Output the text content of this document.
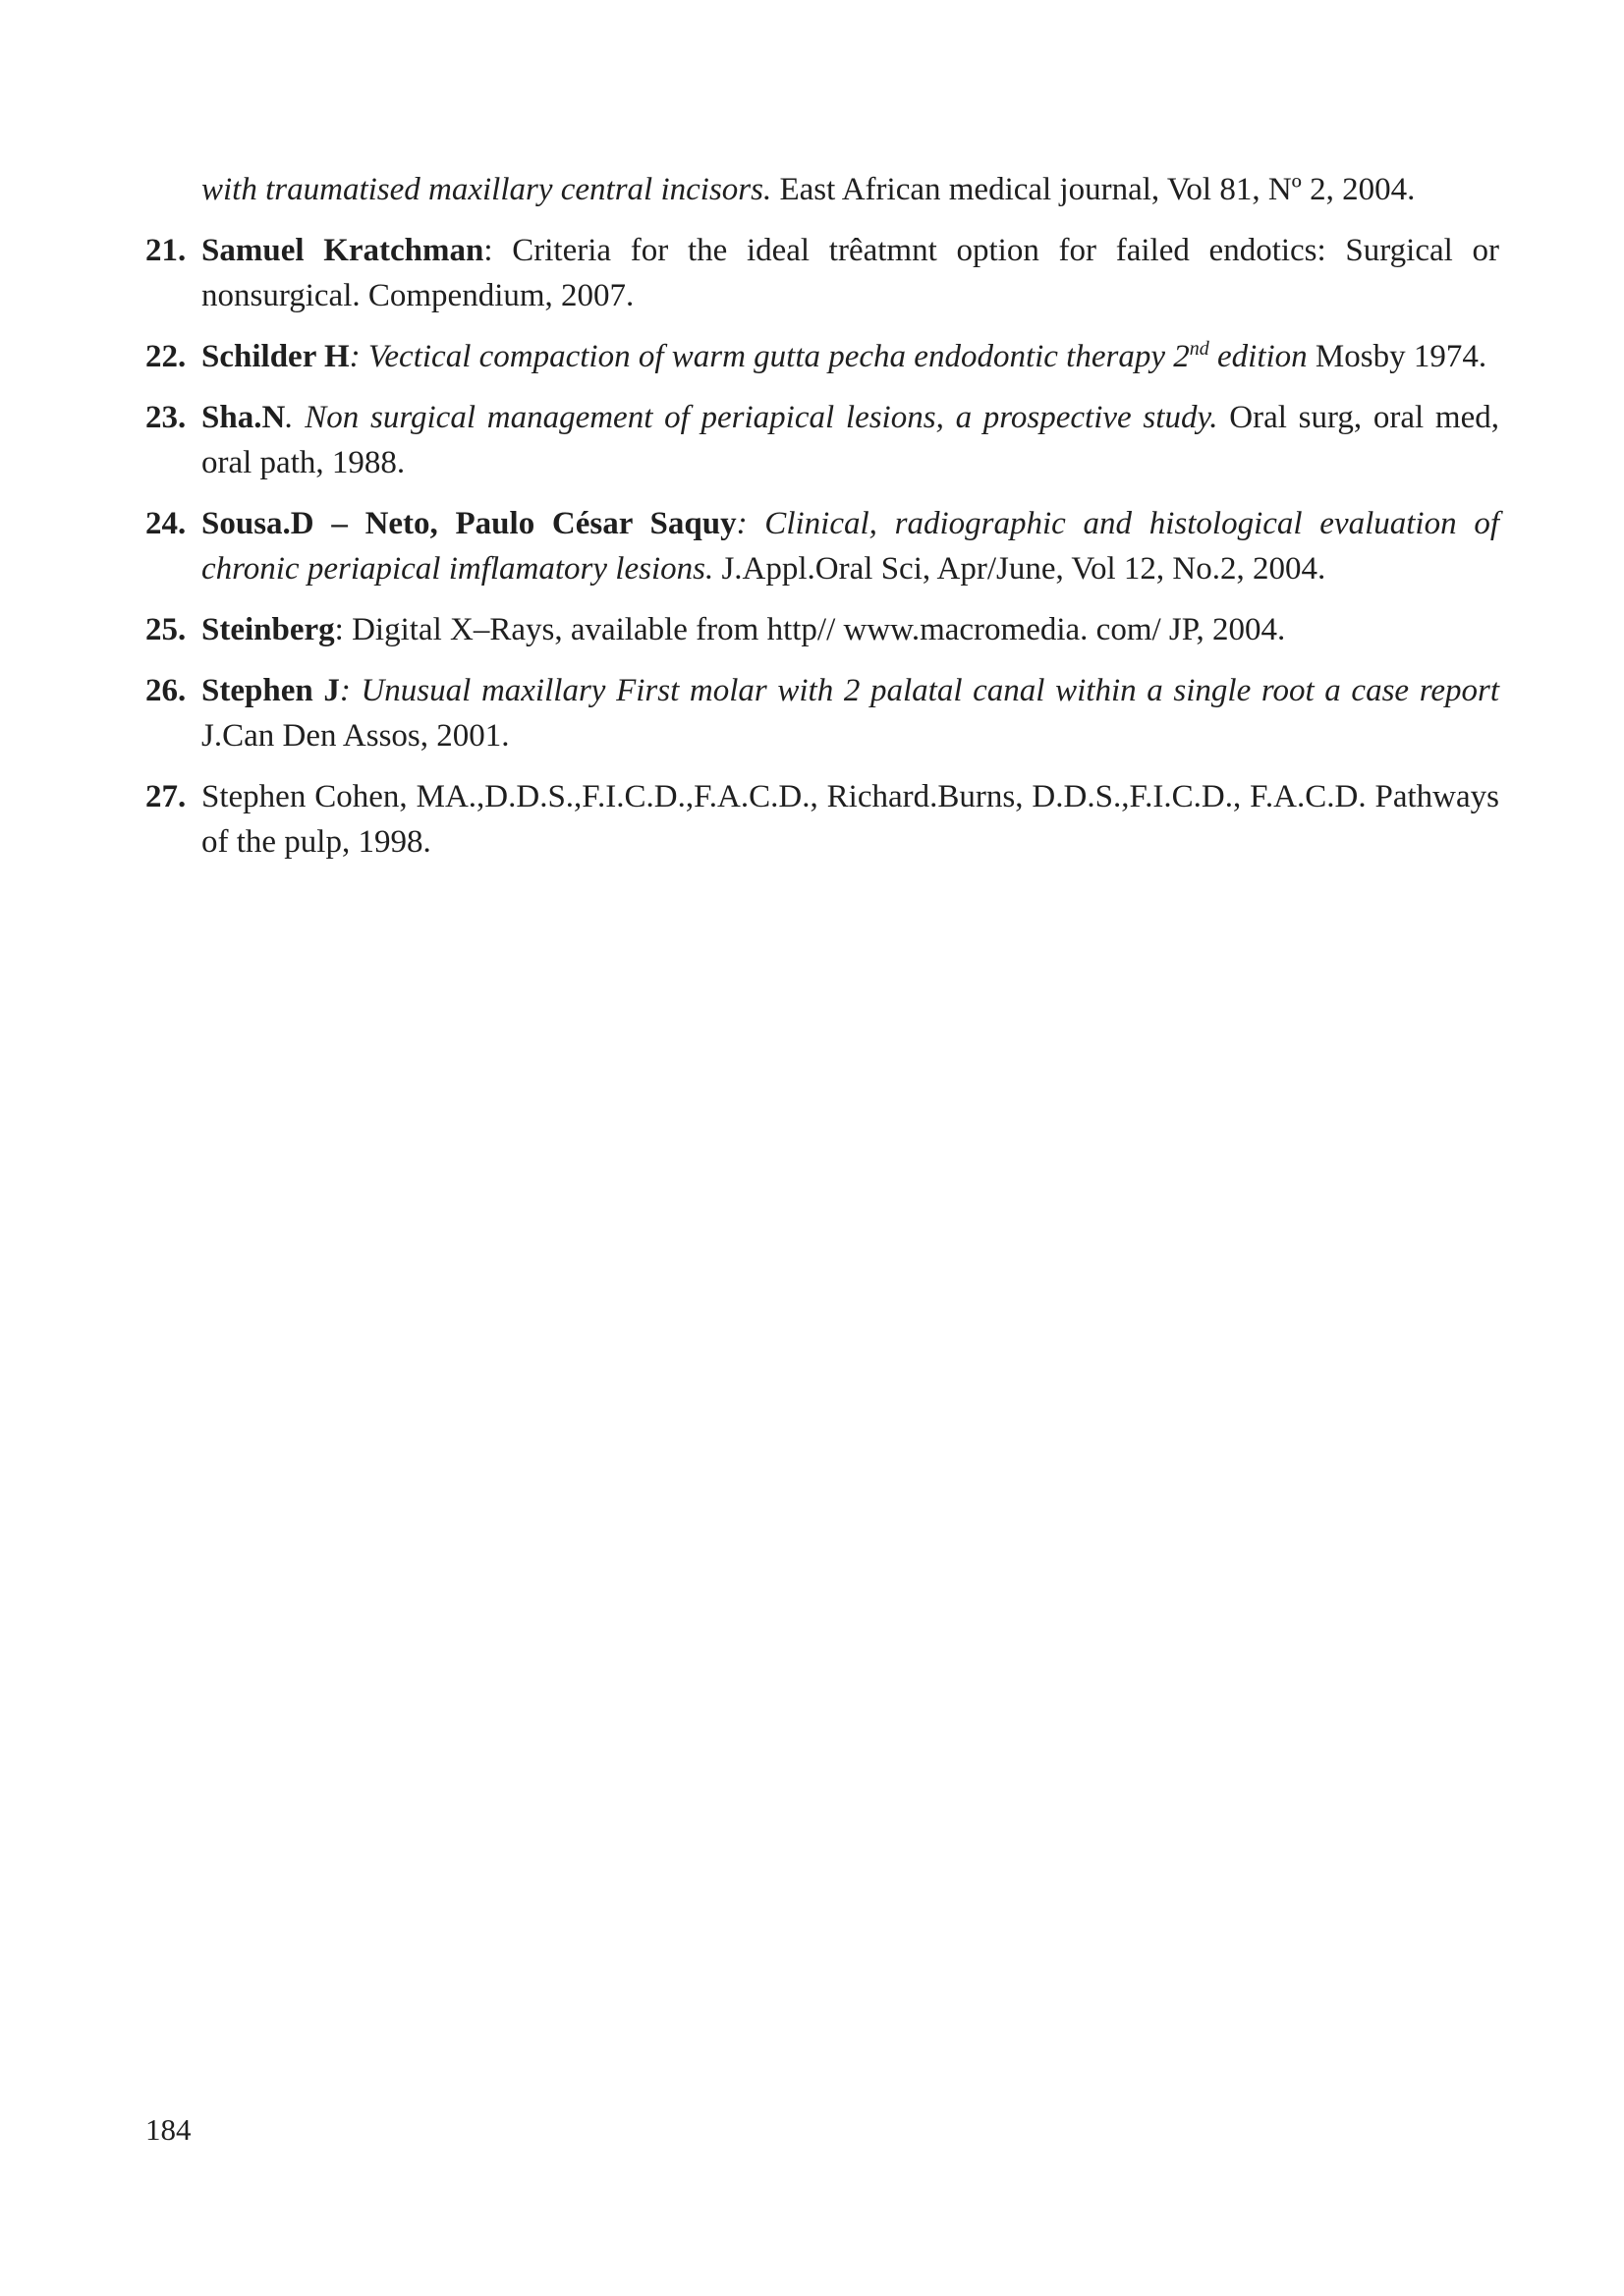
with traumatised maxillary central incisors. East African medical journal, Vol 81, Nº 2, 2004.
21. Samuel Kratchman: Criteria for the ideal trêatmnt option for failed endotics: Surgical or nonsurgical. Compendium, 2007.
22. Schilder H: Vectical compaction of warm gutta pecha endodontic therapy 2nd edition Mosby 1974.
23. Sha.N. Non surgical management of periapical lesions, a prospective study. Oral surg, oral med, oral path, 1988.
24. Sousa.D – Neto, Paulo César Saquy: Clinical, radiographic and histological evaluation of chronic periapical imflamatory lesions. J.Appl.Oral Sci, Apr/June, Vol 12, No.2, 2004.
25. Steinberg: Digital X–Rays, available from http// www.macromedia. com/ JP, 2004.
26. Stephen J: Unusual maxillary First molar with 2 palatal canal within a single root a case report J.Can Den Assos, 2001.
27. Stephen Cohen, MA.,D.D.S.,F.I.C.D.,F.A.C.D., Richard.Burns, D.D.S.,F.I.C.D., F.A.C.D. Pathways of the pulp, 1998.
184
